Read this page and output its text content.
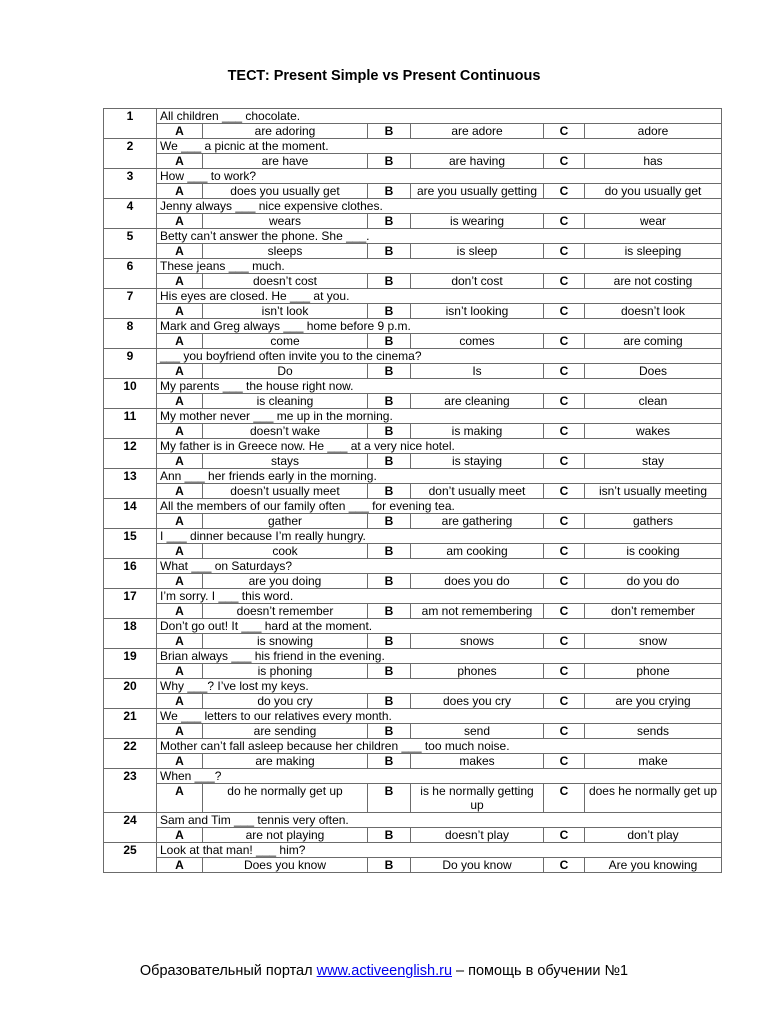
ТЕСТ: Present Simple vs Present Continuous
1	All children ___ chocolate.					
	A	are adoring	B	are adore	C	adore
2	We ___ a picnic at the moment.					
	A	are have	B	are having	C	has
3	How ___ to work?					
	A	does you usually get	B	are you usually getting	C	do you usually get
4	Jenny always ___ nice expensive clothes.					
	A	wears	B	is wearing	C	wear
5	Betty can’t answer the phone. She ___.					
	A	sleeps	B	is sleep	C	is sleeping
6	These jeans ___ much.					
	A	doesn’t cost	B	don’t cost	C	are not costing
7	His eyes are closed. He ___ at you.					
	A	isn’t look	B	isn’t looking	C	doesn’t look
8	Mark and Greg always ___ home before 9 p.m.					
	A	come	B	comes	C	are coming
9	___ you boyfriend often invite you to the cinema?					
	A	Do	B	Is	C	Does
10	My parents ___ the house right now.					
	A	is cleaning	B	are cleaning	C	clean
11	My mother never ___ me up in the morning.					
	A	doesn’t wake	B	is making	C	wakes
12	My father is in Greece now. He ___ at a very nice hotel.					
	A	stays	B	is staying	C	stay
13	Ann ___ her friends early in the morning.					
	A	doesn’t usually meet	B	don’t usually meet	C	isn’t usually meeting
14	All the members of our family often ___ for evening tea.					
	A	gather	B	are gathering	C	gathers
15	I ___ dinner because I’m really hungry.					
	A	cook	B	am cooking	C	is cooking
16	What ___ on Saturdays?					
	A	are you doing	B	does you do	C	do you do
17	I’m sorry. I ___ this word.					
	A	doesn’t remember	B	am not remembering	C	don’t remember
18	Don’t go out! It ___ hard at the moment.					
	A	is snowing	B	snows	C	snow
19	Brian always ___ his friend in the evening.					
	A	is phoning	B	phones	C	phone
20	Why ___? I’ve lost my keys.					
	A	do you cry	B	does you cry	C	are you crying
21	We ___ letters to our relatives every month.					
	A	are sending	B	send	C	sends
22	Mother can’t fall asleep because her children ___ too much noise.					
	A	are making	B	makes	C	make
23	When ___?					
	A	do he normally get up	B	is he normally getting up	C	does he normally get up
24	Sam and Tim ___ tennis very often.					
	A	are not playing	B	doesn’t play	C	don’t play
25	Look at that man! ___ him?					
	A	Does you know	B	Do you know	C	Are you knowing
Образовательный портал www.activeenglish.ru – помощь в обучении №1
